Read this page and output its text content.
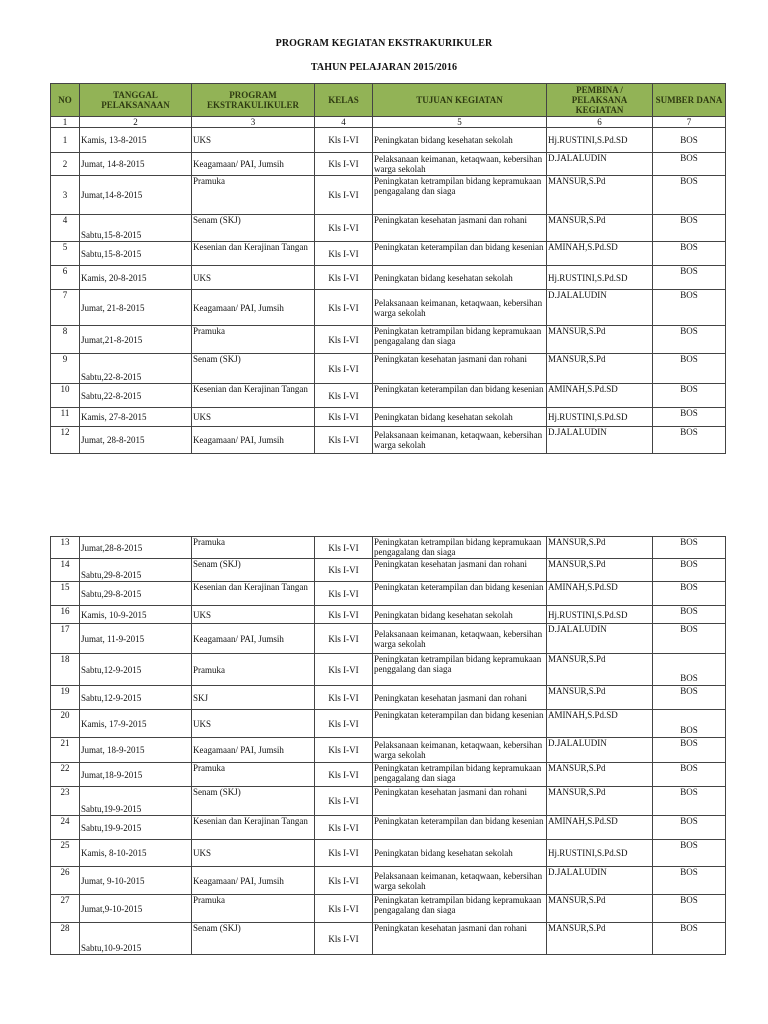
PROGRAM KEGIATAN EKSTRAKURIKULER
TAHUN PELAJARAN 2015/2016
NO	TANGGAL PELAKSANAAN	PROGRAM EKSTRAKULIKULER	KELAS	TUJUAN KEGIATAN	PEMBINA / PELAKSANA KEGIATAN	SUMBER DANA
1	2	3	4	5	6	7
1	Kamis, 13-8-2015	UKS	Kls I-VI	Peningkatan bidang kesehatan sekolah	Hj.RUSTINI,S.Pd.SD	BOS
2	Jumat, 14-8-2015	Keagamaan/ PAI, Jumsih	Kls I-VI	Pelaksanaan keimanan, ketaqwaan, kebersihan warga sekolah	D.JALALUDIN	BOS
3	Jumat,14-8-2015	Pramuka	Kls I-VI	Peningkatan ketrampilan bidang kepramukaan pengagalang dan siaga	MANSUR,S.Pd	BOS
4	Sabtu,15-8-2015	Senam (SKJ)	Kls I-VI	Peningkatan kesehatan jasmani dan rohani	MANSUR,S.Pd	BOS
5	Sabtu,15-8-2015	Kesenian dan Kerajinan Tangan	Kls I-VI	Peningkatan keterampilan dan bidang kesenian	AMINAH,S.Pd.SD	BOS
6	Kamis, 20-8-2015	UKS	Kls I-VI	Peningkatan bidang kesehatan sekolah	Hj.RUSTINI,S.Pd.SD	BOS
7	Jumat, 21-8-2015	Keagamaan/ PAI, Jumsih	Kls I-VI	Pelaksanaan keimanan, ketaqwaan, kebersihan warga sekolah	D.JALALUDIN	BOS
8	Jumat,21-8-2015	Pramuka	Kls I-VI	Peningkatan ketrampilan bidang kepramukaan pengagalang dan siaga	MANSUR,S.Pd	BOS
9	Sabtu,22-8-2015	Senam (SKJ)	Kls I-VI	Peningkatan kesehatan jasmani dan rohani	MANSUR,S.Pd	BOS
10	Sabtu,22-8-2015	Kesenian dan Kerajinan Tangan	Kls I-VI	Peningkatan keterampilan dan bidang kesenian	AMINAH,S.Pd.SD	BOS
11	Kamis, 27-8-2015	UKS	Kls I-VI	Peningkatan bidang kesehatan sekolah	Hj.RUSTINI,S.Pd.SD	BOS
12	Jumat, 28-8-2015	Keagamaan/ PAI, Jumsih	Kls I-VI	Pelaksanaan keimanan, ketaqwaan, kebersihan warga sekolah	D.JALALUDIN	BOS
13	Jumat,28-8-2015	Pramuka	Kls I-VI	Peningkatan ketrampilan bidang kepramukaan pengagalang dan siaga	MANSUR,S.Pd	BOS
14	Sabtu,29-8-2015	Senam (SKJ)	Kls I-VI	Peningkatan kesehatan jasmani dan rohani	MANSUR,S.Pd	BOS
15	Sabtu,29-8-2015	Kesenian dan Kerajinan Tangan	Kls I-VI	Peningkatan keterampilan dan bidang kesenian	AMINAH,S.Pd.SD	BOS
16	Kamis, 10-9-2015	UKS	Kls I-VI	Peningkatan bidang kesehatan sekolah	Hj.RUSTINI,S.Pd.SD	BOS
17	Jumat, 11-9-2015	Keagamaan/ PAI, Jumsih	Kls I-VI	Pelaksanaan keimanan, ketaqwaan, kebersihan warga sekolah	D.JALALUDIN	BOS
18	Sabtu,12-9-2015	Pramuka	Kls I-VI	Peningkatan ketrampilan bidang kepramukaan penggalang dan siaga	MANSUR,S.Pd	BOS
19	Sabtu,12-9-2015	SKJ	Kls I-VI	Peningkatan kesehatan jasmani dan rohani	MANSUR,S.Pd	BOS
20	Kamis, 17-9-2015	UKS	Kls I-VI	Peningkatan keterampilan dan bidang kesenian	AMINAH,S.Pd.SD	BOS
21	Jumat, 18-9-2015	Keagamaan/ PAI, Jumsih	Kls I-VI	Pelaksanaan keimanan, ketaqwaan, kebersihan warga sekolah	D.JALALUDIN	BOS
22	Jumat,18-9-2015	Pramuka	Kls I-VI	Peningkatan ketrampilan bidang kepramukaan pengagalang dan siaga	MANSUR,S.Pd	BOS
23	Sabtu,19-9-2015	Senam (SKJ)	Kls I-VI	Peningkatan kesehatan jasmani dan rohani	MANSUR,S.Pd	BOS
24	Sabtu,19-9-2015	Kesenian dan Kerajinan Tangan	Kls I-VI	Peningkatan keterampilan dan bidang kesenian	AMINAH,S.Pd.SD	BOS
25	Kamis, 8-10-2015	UKS	Kls I-VI	Peningkatan bidang kesehatan sekolah	Hj.RUSTINI,S.Pd.SD	BOS
26	Jumat, 9-10-2015	Keagamaan/ PAI, Jumsih	Kls I-VI	Pelaksanaan keimanan, ketaqwaan, kebersihan warga sekolah	D.JALALUDIN	BOS
27	Jumat,9-10-2015	Pramuka	Kls I-VI	Peningkatan ketrampilan bidang kepramukaan pengagalang dan siaga	MANSUR,S.Pd	BOS
28	Sabtu,10-9-2015	Senam (SKJ)	Kls I-VI	Peningkatan kesehatan jasmani dan rohani	MANSUR,S.Pd	BOS
